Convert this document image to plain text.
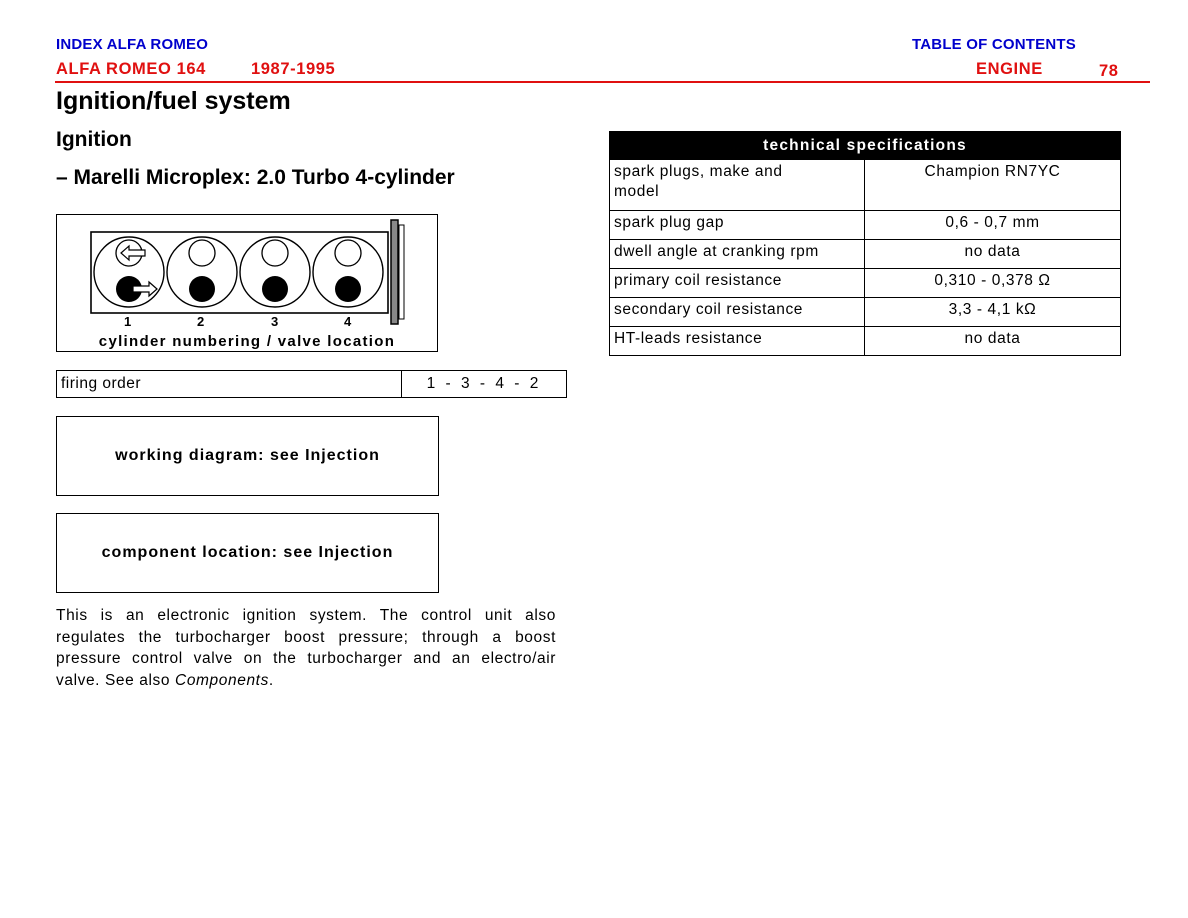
INDEX ALFA ROMEO	TABLE OF CONTENTS
ALFA ROMEO 164	1987-1995	ENGINE	78
Ignition/fuel system
Ignition
– Marelli Microplex: 2.0 Turbo 4-cylinder
1	2	3	4
cylinder numbering / valve location
firing order	1 - 3 - 4 - 2
working diagram: see Injection
component location: see Injection
This is an electronic ignition system. The control unit also
regulates the turbocharger boost pressure; through a boost
pressure control valve on the turbocharger and an electro/air
valve. See also Components.
technical specifications	
spark plugs, make and
model	Champion RN7YC
spark plug gap	0,6 - 0,7 mm
dwell angle at cranking rpm	no data
primary coil resistance	0,310 - 0,378 Ω
secondary coil resistance	3,3 - 4,1 kΩ
HT-leads resistance	no data
